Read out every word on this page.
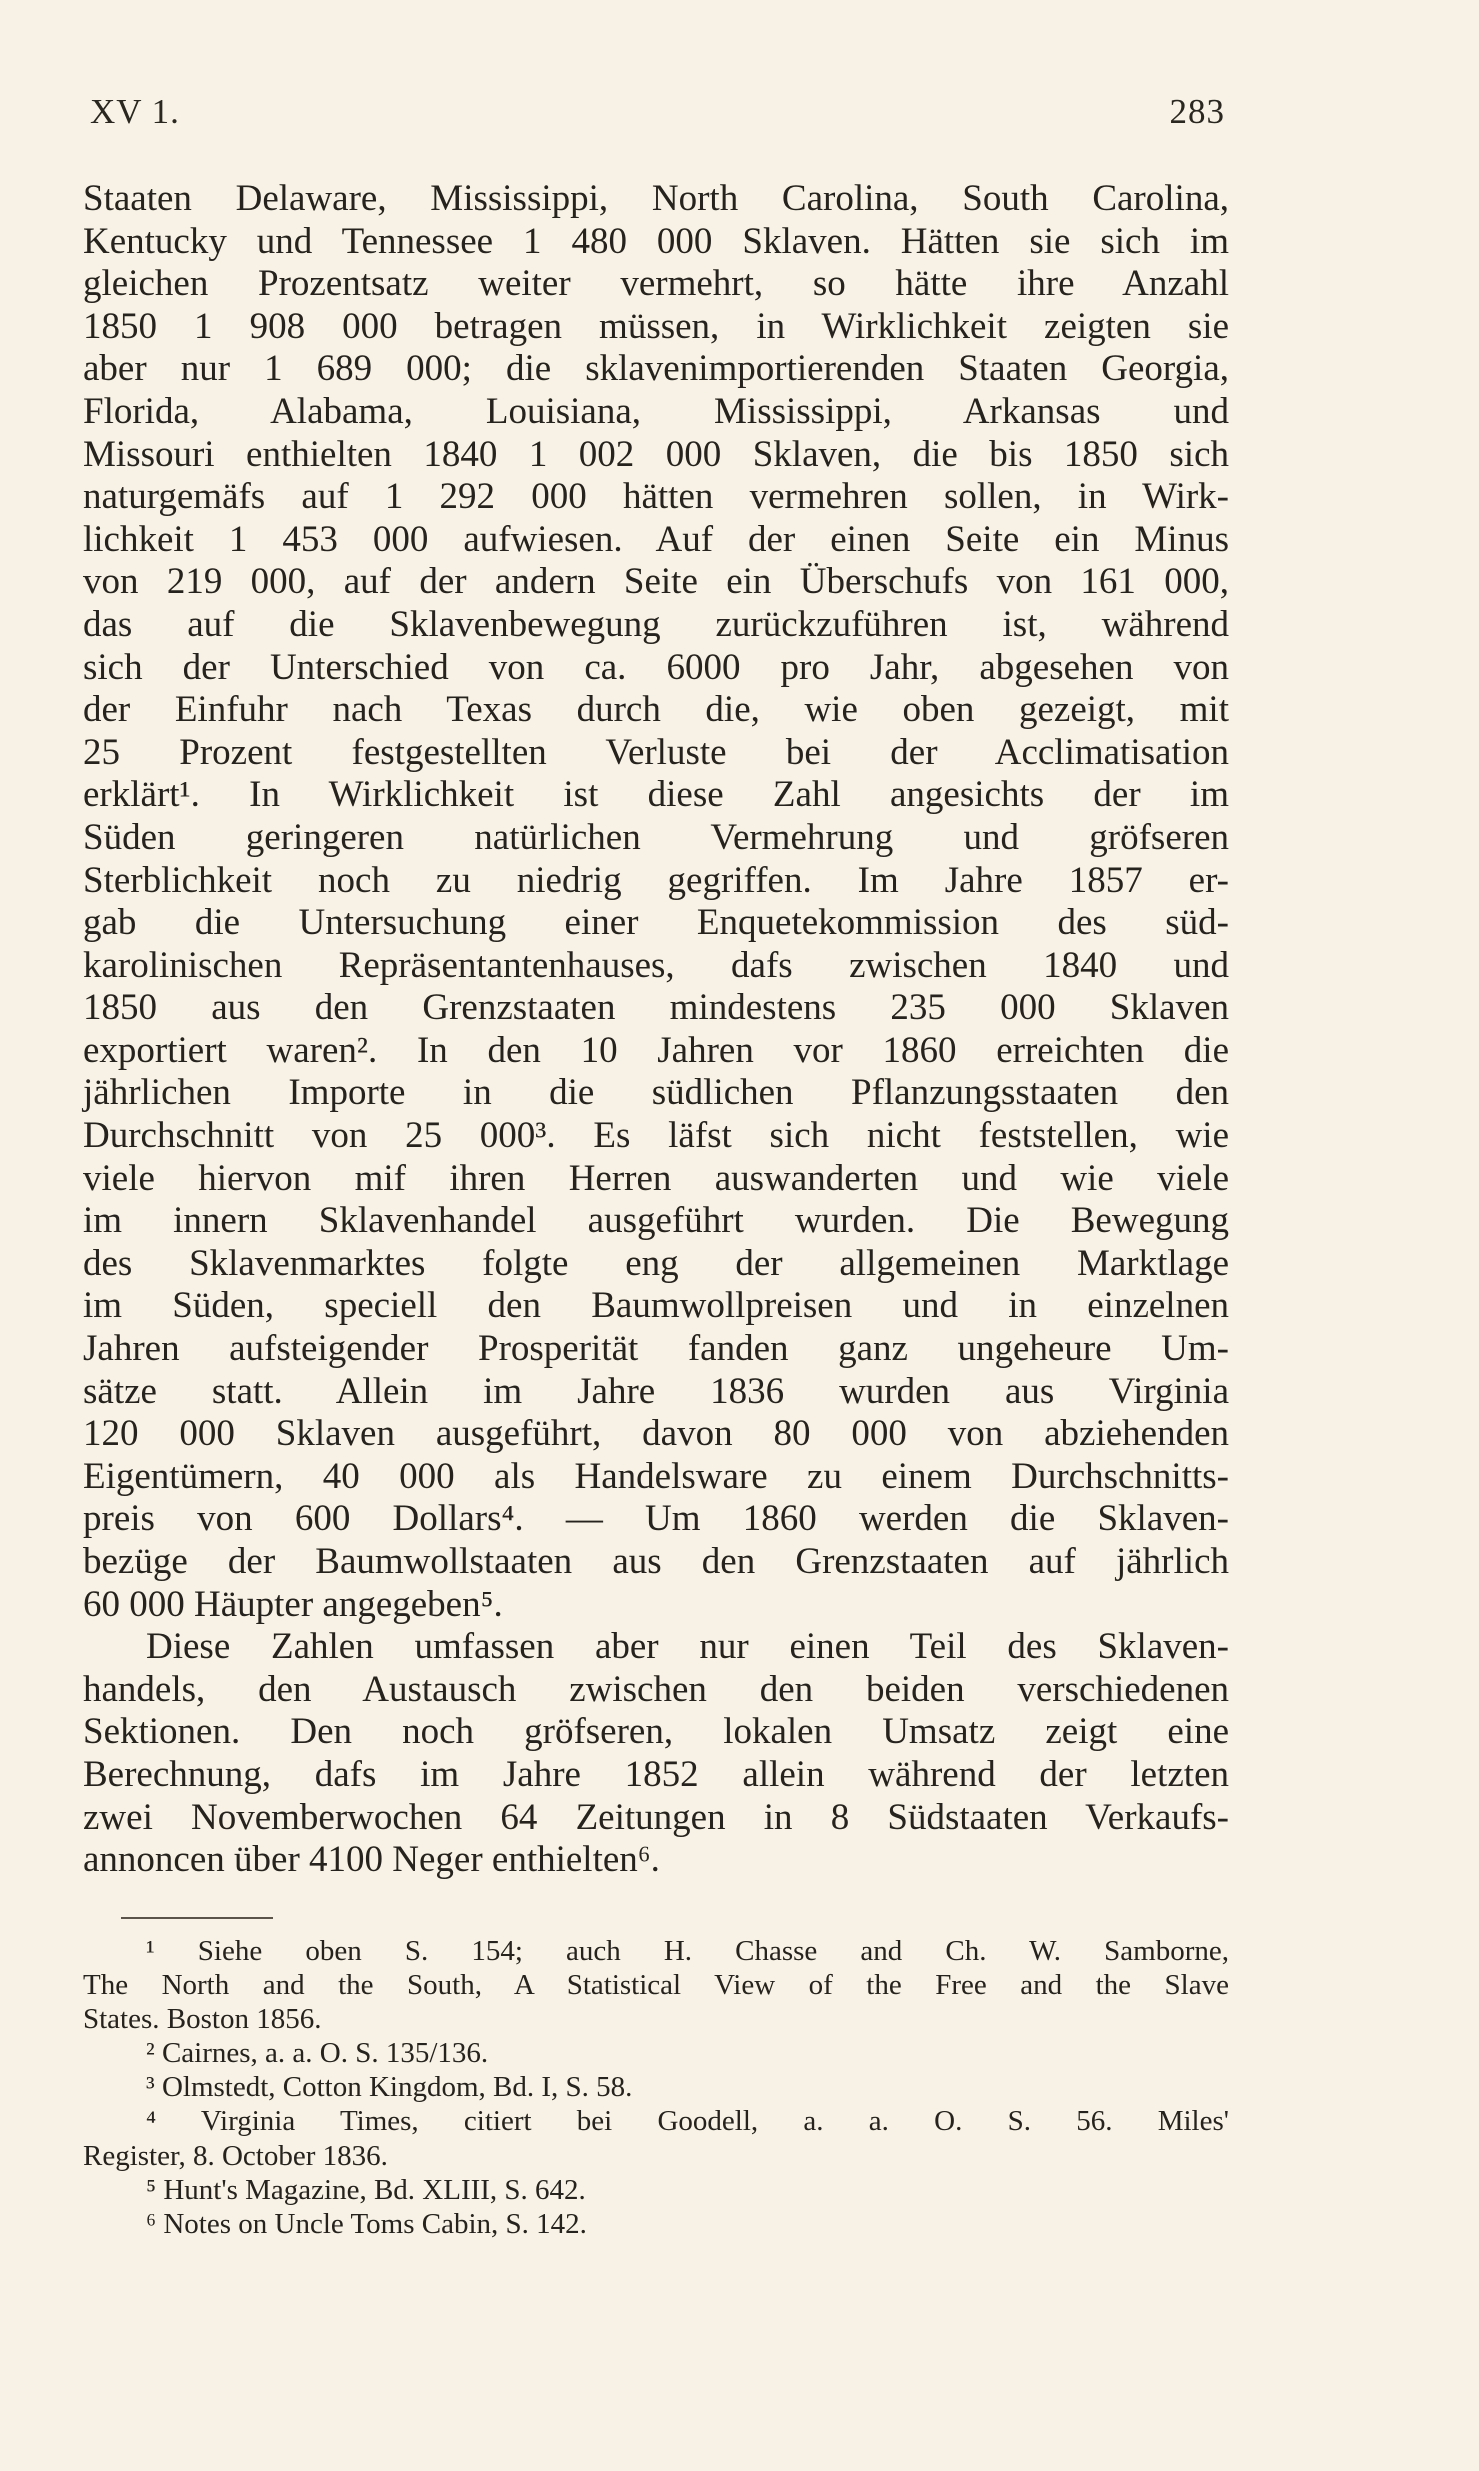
XV 1.	283
Staaten Delaware, Mississippi, North Carolina, South Carolina,
Kentucky und Tennessee 1 480 000 Sklaven. Hätten sie sich im
gleichen Prozentsatz weiter vermehrt, so hätte ihre Anzahl
1850 1 908 000 betragen müssen, in Wirklichkeit zeigten sie
aber nur 1 689 000; die sklavenimportierenden Staaten Georgia,
Florida, Alabama, Louisiana, Mississippi, Arkansas und
Missouri enthielten 1840 1 002 000 Sklaven, die bis 1850 sich
naturgemäfs auf 1 292 000 hätten vermehren sollen, in Wirk-
lichkeit 1 453 000 aufwiesen. Auf der einen Seite ein Minus
von 219 000, auf der andern Seite ein Überschufs von 161 000,
das auf die Sklavenbewegung zurückzuführen ist, während
sich der Unterschied von ca. 6000 pro Jahr, abgesehen von
der Einfuhr nach Texas durch die, wie oben gezeigt, mit
25 Prozent festgestellten Verluste bei der Acclimatisation
erklärt¹. In Wirklichkeit ist diese Zahl angesichts der im
Süden geringeren natürlichen Vermehrung und gröfseren
Sterblichkeit noch zu niedrig gegriffen. Im Jahre 1857 er-
gab die Untersuchung einer Enquetekommission des süd-
karolinischen Repräsentantenhauses, dafs zwischen 1840 und
1850 aus den Grenzstaaten mindestens 235 000 Sklaven
exportiert waren². In den 10 Jahren vor 1860 erreichten die
jährlichen Importe in die südlichen Pflanzungsstaaten den
Durchschnitt von 25 000³. Es läfst sich nicht feststellen, wie
viele hiervon mif ihren Herren auswanderten und wie viele
im innern Sklavenhandel ausgeführt wurden. Die Bewegung
des Sklavenmarktes folgte eng der allgemeinen Marktlage
im Süden, speciell den Baumwollpreisen und in einzelnen
Jahren aufsteigender Prosperität fanden ganz ungeheure Um-
sätze statt. Allein im Jahre 1836 wurden aus Virginia
120 000 Sklaven ausgeführt, davon 80 000 von abziehenden
Eigentümern, 40 000 als Handelsware zu einem Durchschnitts-
preis von 600 Dollars⁴. — Um 1860 werden die Sklaven-
bezüge der Baumwollstaaten aus den Grenzstaaten auf jährlich
60 000 Häupter angegeben⁵.
Diese Zahlen umfassen aber nur einen Teil des Sklaven-
handels, den Austausch zwischen den beiden verschiedenen
Sektionen. Den noch gröfseren, lokalen Umsatz zeigt eine
Berechnung, dafs im Jahre 1852 allein während der letzten
zwei Novemberwochen 64 Zeitungen in 8 Südstaaten Verkaufs-
annoncen über 4100 Neger enthielten⁶.
¹ Siehe oben S. 154; auch H. Chasse and Ch. W. Samborne,
The North and the South, A Statistical View of the Free and the Slave
States. Boston 1856.
² Cairnes, a. a. O. S. 135/136.
³ Olmstedt, Cotton Kingdom, Bd. I, S. 58.
⁴ Virginia Times, citiert bei Goodell, a. a. O. S. 56. Miles'
Register, 8. October 1836.
⁵ Hunt's Magazine, Bd. XLIII, S. 642.
⁶ Notes on Uncle Toms Cabin, S. 142.
